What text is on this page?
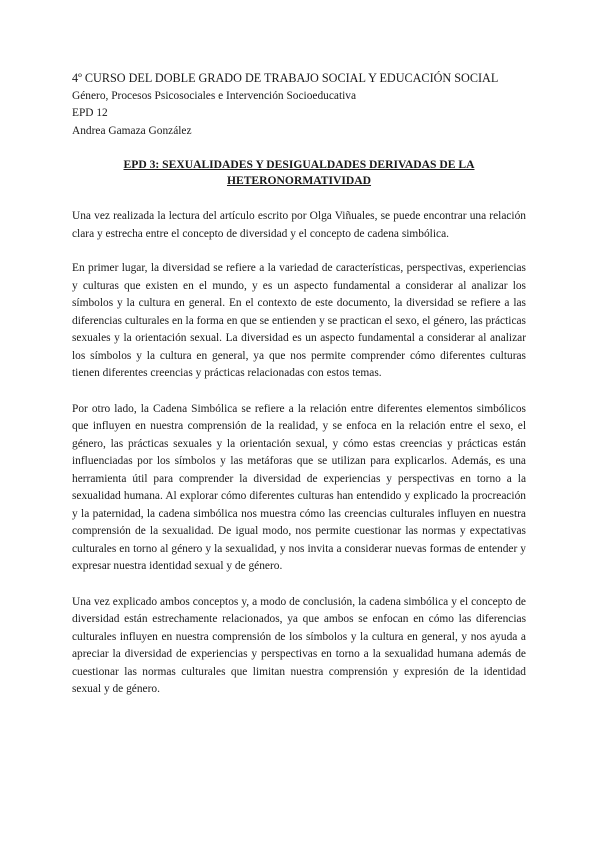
4º CURSO DEL DOBLE GRADO DE TRABAJO SOCIAL Y EDUCACIÓN SOCIAL
Género, Procesos Psicosociales e Intervención Socioeducativa
EPD 12
Andrea Gamaza González
EPD 3: SEXUALIDADES Y DESIGUALDADES DERIVADAS DE LA
HETERONORMATIVIDAD

Una vez realizada la lectura del artículo escrito por Olga Viñuales, se puede encontrar una relación clara y estrecha entre el concepto de diversidad y el concepto de cadena simbólica.

En primer lugar, la diversidad se refiere a la variedad de características, perspectivas, experiencias y culturas que existen en el mundo, y es un aspecto fundamental a considerar al analizar los símbolos y la cultura en general. En el contexto de este documento, la diversidad se refiere a las diferencias culturales en la forma en que se entienden y se practican el sexo, el género, las prácticas sexuales y la orientación sexual. La diversidad es un aspecto fundamental a considerar al analizar los símbolos y la cultura en general, ya que nos permite comprender cómo diferentes culturas tienen diferentes creencias y prácticas relacionadas con estos temas.

Por otro lado, la Cadena Simbólica se refiere a la relación entre diferentes elementos simbólicos que influyen en nuestra comprensión de la realidad, y se enfoca en la relación entre el sexo, el género, las prácticas sexuales y la orientación sexual, y cómo estas creencias y prácticas están influenciadas por los símbolos y las metáforas que se utilizan para explicarlos. Además, es una herramienta útil para comprender la diversidad de experiencias y perspectivas en torno a la sexualidad humana. Al explorar cómo diferentes culturas han entendido y explicado la procreación y la paternidad, la cadena simbólica nos muestra cómo las creencias culturales influyen en nuestra comprensión de la sexualidad. De igual modo, nos permite cuestionar las normas y expectativas culturales en torno al género y la sexualidad, y nos invita a considerar nuevas formas de entender y expresar nuestra identidad sexual y de género.

Una vez explicado ambos conceptos y, a modo de conclusión, la cadena simbólica y el concepto de diversidad están estrechamente relacionados, ya que ambos se enfocan en cómo las diferencias culturales influyen en nuestra comprensión de los símbolos y la cultura en general, y nos ayuda a apreciar la diversidad de experiencias y perspectivas en torno a la sexualidad humana además de cuestionar las normas culturales que limitan nuestra comprensión y expresión de la identidad sexual y de género.
